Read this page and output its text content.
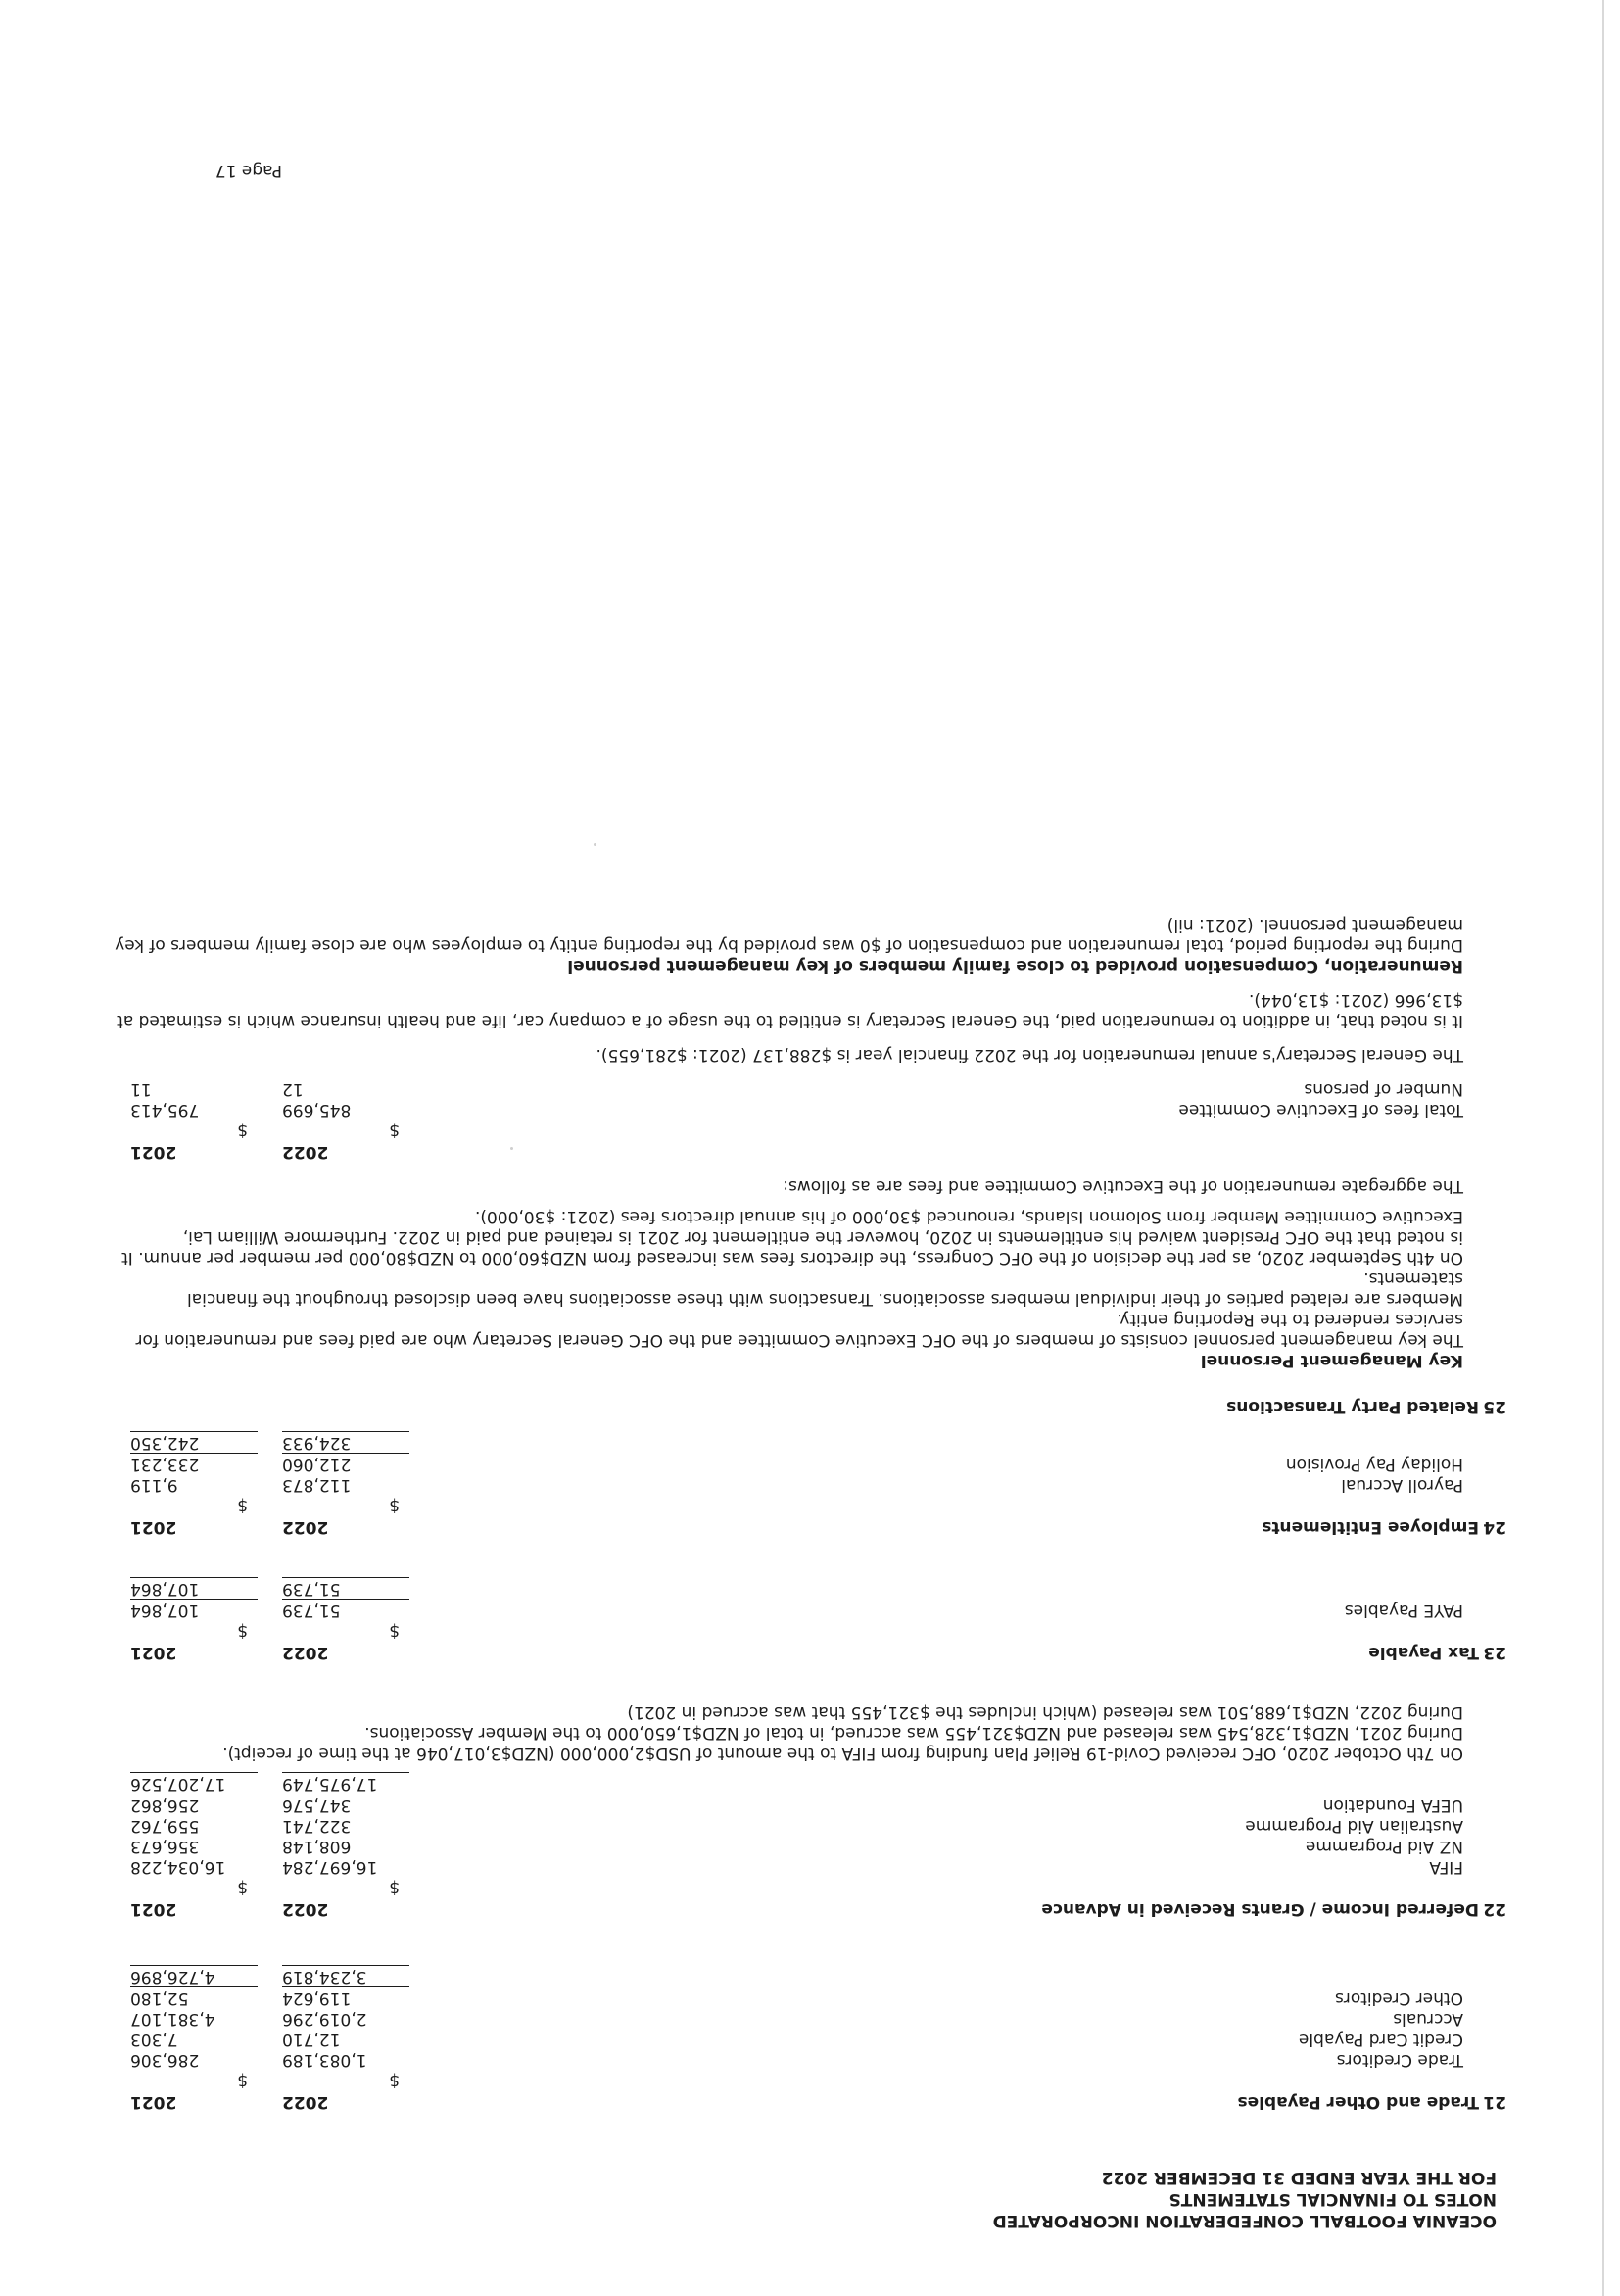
OCEANIA FOOTBALL CONFEDERATION INCORPORATED
NOTES TO FINANCIAL STATEMENTS
FOR THE YEAR ENDED 31 DECEMBER 2022
21Trade and Other Payables
2022
2021
$
$
Trade Creditors
1,083,189
286,306
Credit Card Payable
12,710
7,303
Accruals
2,019,296
4,381,107
Other Creditors
119,624
52,180
3,234,819
4,726,896
22Deferred Income / Grants Received in Advance
2022
2021
$
$
FIFA
16,697,284
16,034,228
NZ Aid Programme
608,148
356,673
Australian Aid Programme
322,741
559,762
UEFA Foundation
347,576
256,862
17,975,749
17,207,526
On 7th October 2020, OFC received Covid-19 Relief Plan funding from FIFA to the amount of USD$2,000,000 (NZD$3,017,046 at the time of receipt).
During 2021, NZD$1,328,545 was released and NZD$321,455 was accrued, in total of NZD$1,650,000 to the Member Associations.
During 2022, NZD$1,688,501 was released (which includes the $321,455 that was accrued in 2021)
23Tax Payable
2022
2021
$
$
PAYE Payables
51,739
107,864
51,739
107,864
24Employee Entitlements
2022
2021
$
$
Payroll Accrual
112,873
9,119
Holiday Pay Provision
212,060
233,231
324,933
242,350
25Related Party Transactions
Key Management Personnel
The key management personnel consists of members of the OFC Executive Committee and the OFC General Secretary who are paid fees and remuneration for services rendered to the Reporting entity.
Members are related parties of their individual members associations. Transactions with these associations have been disclosed throughout the financial statements.
On 4th September 2020, as per the decision of the OFC Congress, the directors fees was increased from NZD$60,000 to NZD$80,000 per member per annum. It is noted that the OFC President waived his entitlements in 2020, however the entitlement for 2021 is retained and paid in 2022. Furthermore William Lai, Executive Committee Member from Solomon Islands, renounced $30,000 of his annual directors fees (2021: $30,000).
The aggregate remuneration of the Executive Committee and fees are as follows:
2022
2021
$
$
Total fees of Executive Committee
845,699
795,413
Number of persons
12
11
The General Secretary's annual remuneration for the 2022 financial year is $288,137 (2021: $281,655).
It is noted that, in addition to remuneration paid, the General Secretary is entitled to the usage of a company car, life and health insurance which is estimated at $13,966 (2021: $13,044).
Remuneration, Compensation provided to close family members of key management personnel
During the reporting period, total remuneration and compensation of $0 was provided by the reporting entity to employees who are close family members of key management personnel. (2021: nil)
Page 17
